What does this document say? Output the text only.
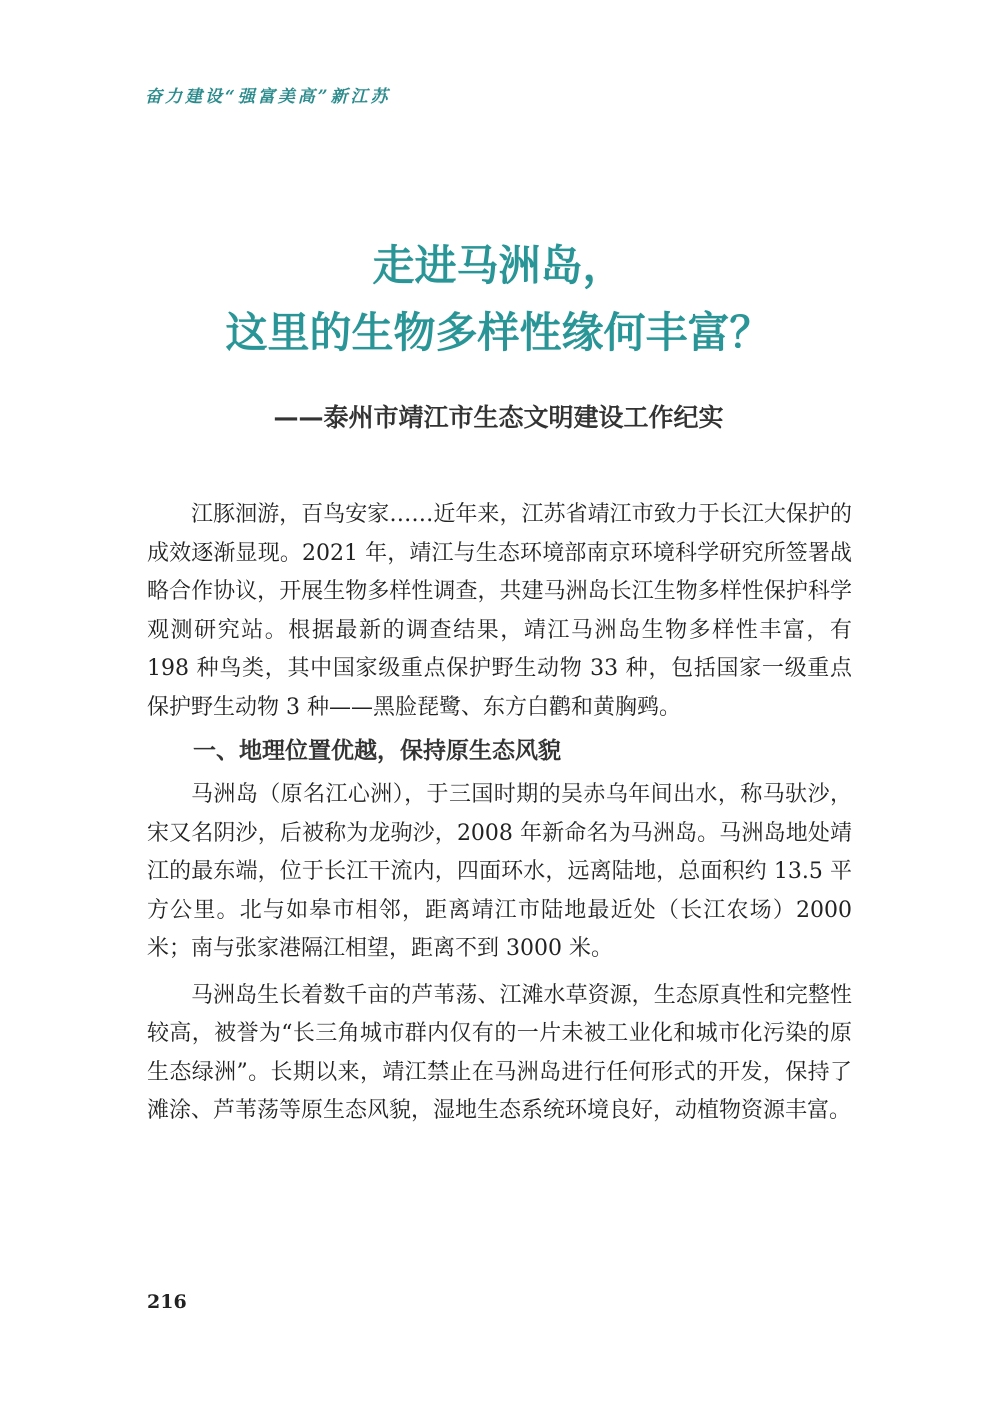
奋力建设“强富美高”新江苏
走进马洲岛，
这里的生物多样性缘何丰富？
——泰州市靖江市生态文明建设工作纪实

江豚洄游，百鸟安家……近年来，江苏省靖江市致力于长江大保护的成效逐渐显现。2021 年，靖江与生态环境部南京环境科学研究所签署战略合作协议，开展生物多样性调查，共建马洲岛长江生物多样性保护科学观测研究站。根据最新的调查结果，靖江马洲岛生物多样性丰富，有 198 种鸟类，其中国家级重点保护野生动物 33 种，包括国家一级重点保护野生动物 3 种——黑脸琵鹭、东方白鹳和黄胸鹀。

一、地理位置优越，保持原生态风貌

马洲岛（原名江心洲），于三国时期的吴赤乌年间出水，称马驮沙，宋又名阴沙，后被称为龙驹沙，2008 年新命名为马洲岛。马洲岛地处靖江的最东端，位于长江干流内，四面环水，远离陆地，总面积约 13.5 平方公里。北与如皋市相邻，距离靖江市陆地最近处（长江农场）2000 米；南与张家港隔江相望，距离不到 3000 米。

马洲岛生长着数千亩的芦苇荡、江滩水草资源，生态原真性和完整性较高，被誉为“长三角城市群内仅有的一片未被工业化和城市化污染的原生态绿洲”。长期以来，靖江禁止在马洲岛进行任何形式的开发，保持了滩涂、芦苇荡等原生态风貌，湿地生态系统环境良好，动植物资源丰富。

216
